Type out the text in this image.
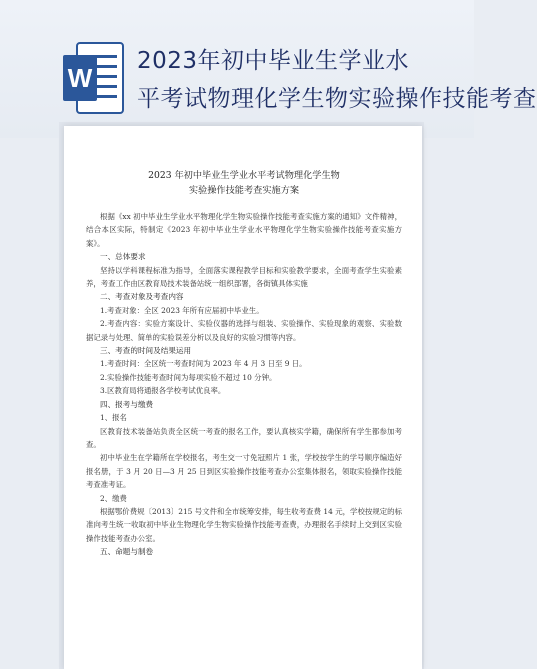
W
2023年初中毕业生学业水
平考试物理化学生物实验操作技能考查
2023 年初中毕业生学业水平考试物理化学生物
实验操作技能考查实施方案

根据《xx 初中毕业生学业水平物理化学生物实验操作技能考查实施方案的通知》文件精神，结合本区实际，特制定《2023 年初中毕业生学业水平物理化学生物实验操作技能考查实施方案》。

一、总体要求

坚持以学科课程标准为指导，全面落实课程教学目标和实验教学要求，全面考查学生实验素养，考查工作由区教育局技术装备站统一组织部署，各街镇具体实施

二、考查对象及考查内容

1.考查对象：全区 2023 年所有应届初中毕业生。

2.考查内容：实验方案设计、实验仪器的选择与组装、实验操作、实验现象的观察、实验数据记录与处理、简单的实验误差分析以及良好的实验习惯等内容。

三、考查的时间及结果运用

1.考查时间：全区统一考查时间为 2023 年 4 月 3 日至 9 日。

2.实验操作技能考查时间为每项实验不超过 10 分钟。

3.区教育局将通报各学校考试优良率。

四、报考与缴费

1、报名

区教育技术装备站负责全区统一考查的报名工作，要认真核实学籍，确保所有学生都参加考查。

初中毕业生在学籍所在学校报名，考生交一寸免冠照片 1 张，学校按学生的学号顺序编造好报名册，于 3 月 20 日—3 月 25 日到区实验操作技能考查办公室集体报名，领取实验操作技能考查准考证。

2、缴费

根据鄂价费规〔2013〕215 号文件和全市统筹安排，每生收考查费 14 元，学校按规定的标准向考生统一收取初中毕业生物理化学生物实验操作技能考查费，办理报名手续时上交到区实验操作技能考查办公室。

五、命题与制卷
